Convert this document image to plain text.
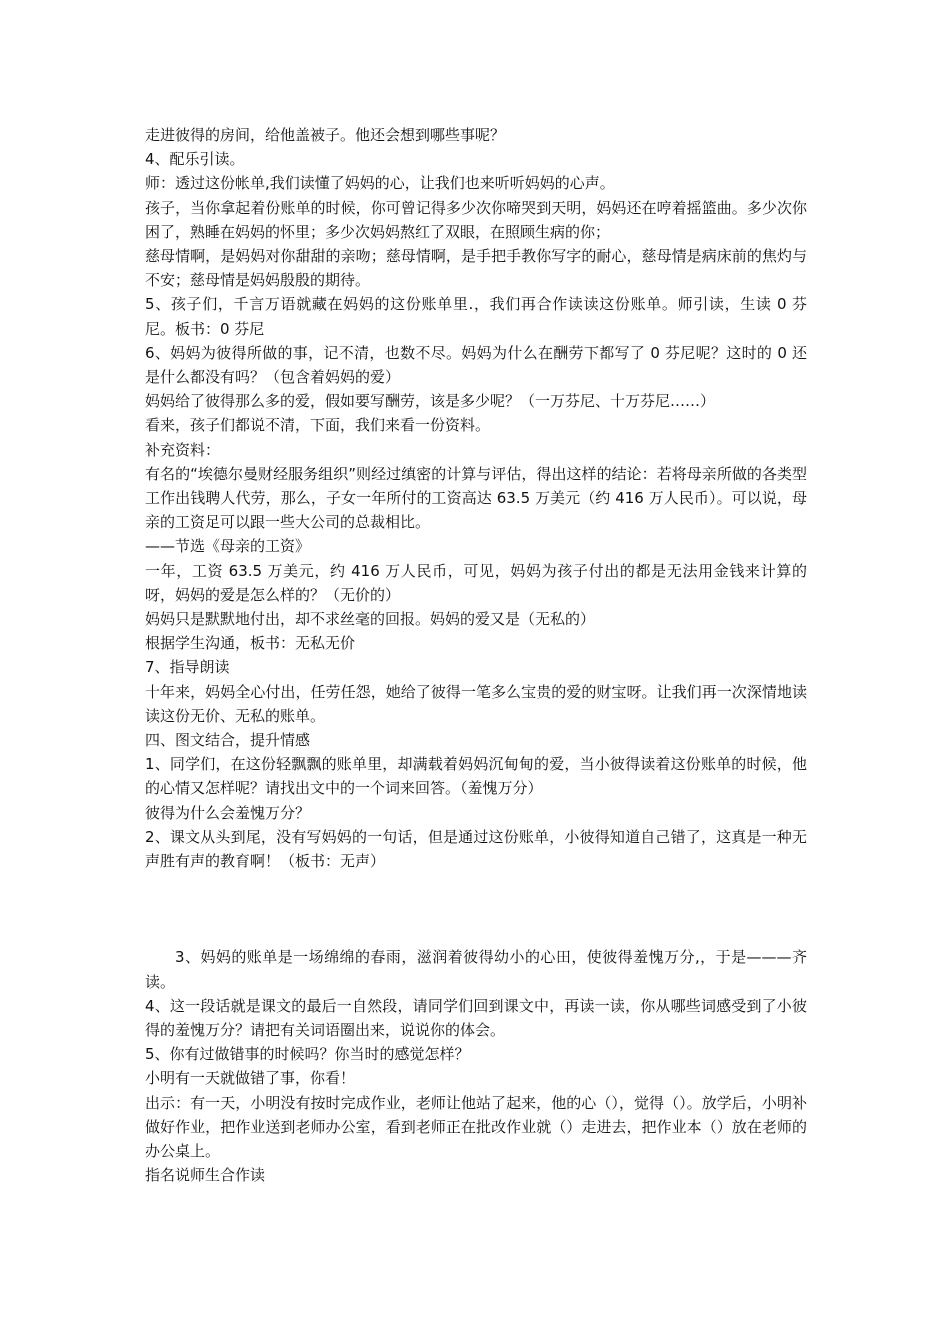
走进彼得的房间，给他盖被子。他还会想到哪些事呢？

4、配乐引读。

师：透过这份帐单,我们读懂了妈妈的心，让我们也来听听妈妈的心声。

孩子，当你拿起着份账单的时候，你可曾记得多少次你啼哭到天明，妈妈还在哼着摇篮曲。多少次你困了，熟睡在妈妈的怀里；多少次妈妈熬红了双眼，在照顾生病的你；

慈母情啊，是妈妈对你甜甜的亲吻；慈母情啊，是手把手教你写字的耐心，慈母情是病床前的焦灼与不安；慈母情是妈妈殷殷的期待。

5、孩子们，千言万语就藏在妈妈的这份账单里.，我们再合作读读这份账单。师引读，生读 0 芬尼。板书：0 芬尼

6、妈妈为彼得所做的事，记不清，也数不尽。妈妈为什么在酬劳下都写了 0 芬尼呢？这时的 0 还是什么都没有吗？（包含着妈妈的爱）

妈妈给了彼得那么多的爱，假如要写酬劳，该是多少呢？（一万芬尼、十万芬尼……）

看来，孩子们都说不清，下面，我们来看一份资料。

补充资料：

有名的“埃德尔曼财经服务组织”则经过缜密的计算与评估，得出这样的结论：若将母亲所做的各类型工作出钱聘人代劳，那么，子女一年所付的工资高达 63.5 万美元（约 416 万人民币）。可以说，母亲的工资足可以跟一些大公司的总裁相比。

——节选《母亲的工资》

一年，工资 63.5 万美元，约 416 万人民币，可见，妈妈为孩子付出的都是无法用金钱来计算的呀，妈妈的爱是怎么样的？（无价的）

妈妈只是默默地付出，却不求丝毫的回报。妈妈的爱又是（无私的）

根据学生沟通，板书：无私无价

7、指导朗读

十年来，妈妈全心付出，任劳任怨，她给了彼得一笔多么宝贵的爱的财宝呀。让我们再一次深情地读读这份无价、无私的账单。

四、图文结合，提升情感

1、同学们，在这份轻飘飘的账单里，却满载着妈妈沉甸甸的爱，当小彼得读着这份账单的时候，他的心情又怎样呢？请找出文中的一个词来回答。（羞愧万分）

彼得为什么会羞愧万分？

2、课文从头到尾，没有写妈妈的一句话，但是通过这份账单，小彼得知道自己错了，这真是一种无声胜有声的教育啊！（板书：无声）

3、妈妈的账单是一场绵绵的春雨，滋润着彼得幼小的心田，使彼得羞愧万分,，于是———齐读。

4、这一段话就是课文的最后一自然段，请同学们回到课文中，再读一读，你从哪些词感受到了小彼得的羞愧万分？请把有关词语圈出来，说说你的体会。

5、你有过做错事的时候吗？你当时的感觉怎样？

小明有一天就做错了事，你看！

出示：有一天，小明没有按时完成作业，老师让他站了起来，他的心（），觉得（）。放学后，小明补做好作业，把作业送到老师办公室，看到老师正在批改作业就（）走进去，把作业本（）放在老师的办公桌上。

指名说师生合作读
